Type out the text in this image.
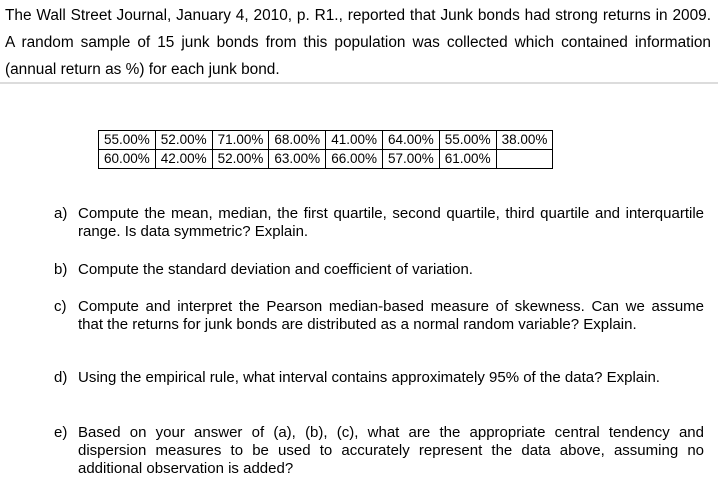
The Wall Street Journal, January 4, 2010, p. R1., reported that Junk bonds had strong returns in 2009. A random sample of 15 junk bonds from this population was collected which contained information (annual return as %) for each junk bond.
55.00%	52.00%	71.00%	68.00%	41.00%	64.00%	55.00%	38.00%
60.00%	42.00%	52.00%	63.00%	66.00%	57.00%	61.00%	
a) Compute the mean, median, the first quartile, second quartile, third quartile and interquartile range. Is data symmetric? Explain.
b) Compute the standard deviation and coefficient of variation.
c) Compute and interpret the Pearson median-based measure of skewness. Can we assume that the returns for junk bonds are distributed as a normal random variable? Explain.
d) Using the empirical rule, what interval contains approximately 95% of the data? Explain.
e) Based on your answer of (a), (b), (c), what are the appropriate central tendency and dispersion measures to be used to accurately represent the data above, assuming no additional observation is added?
